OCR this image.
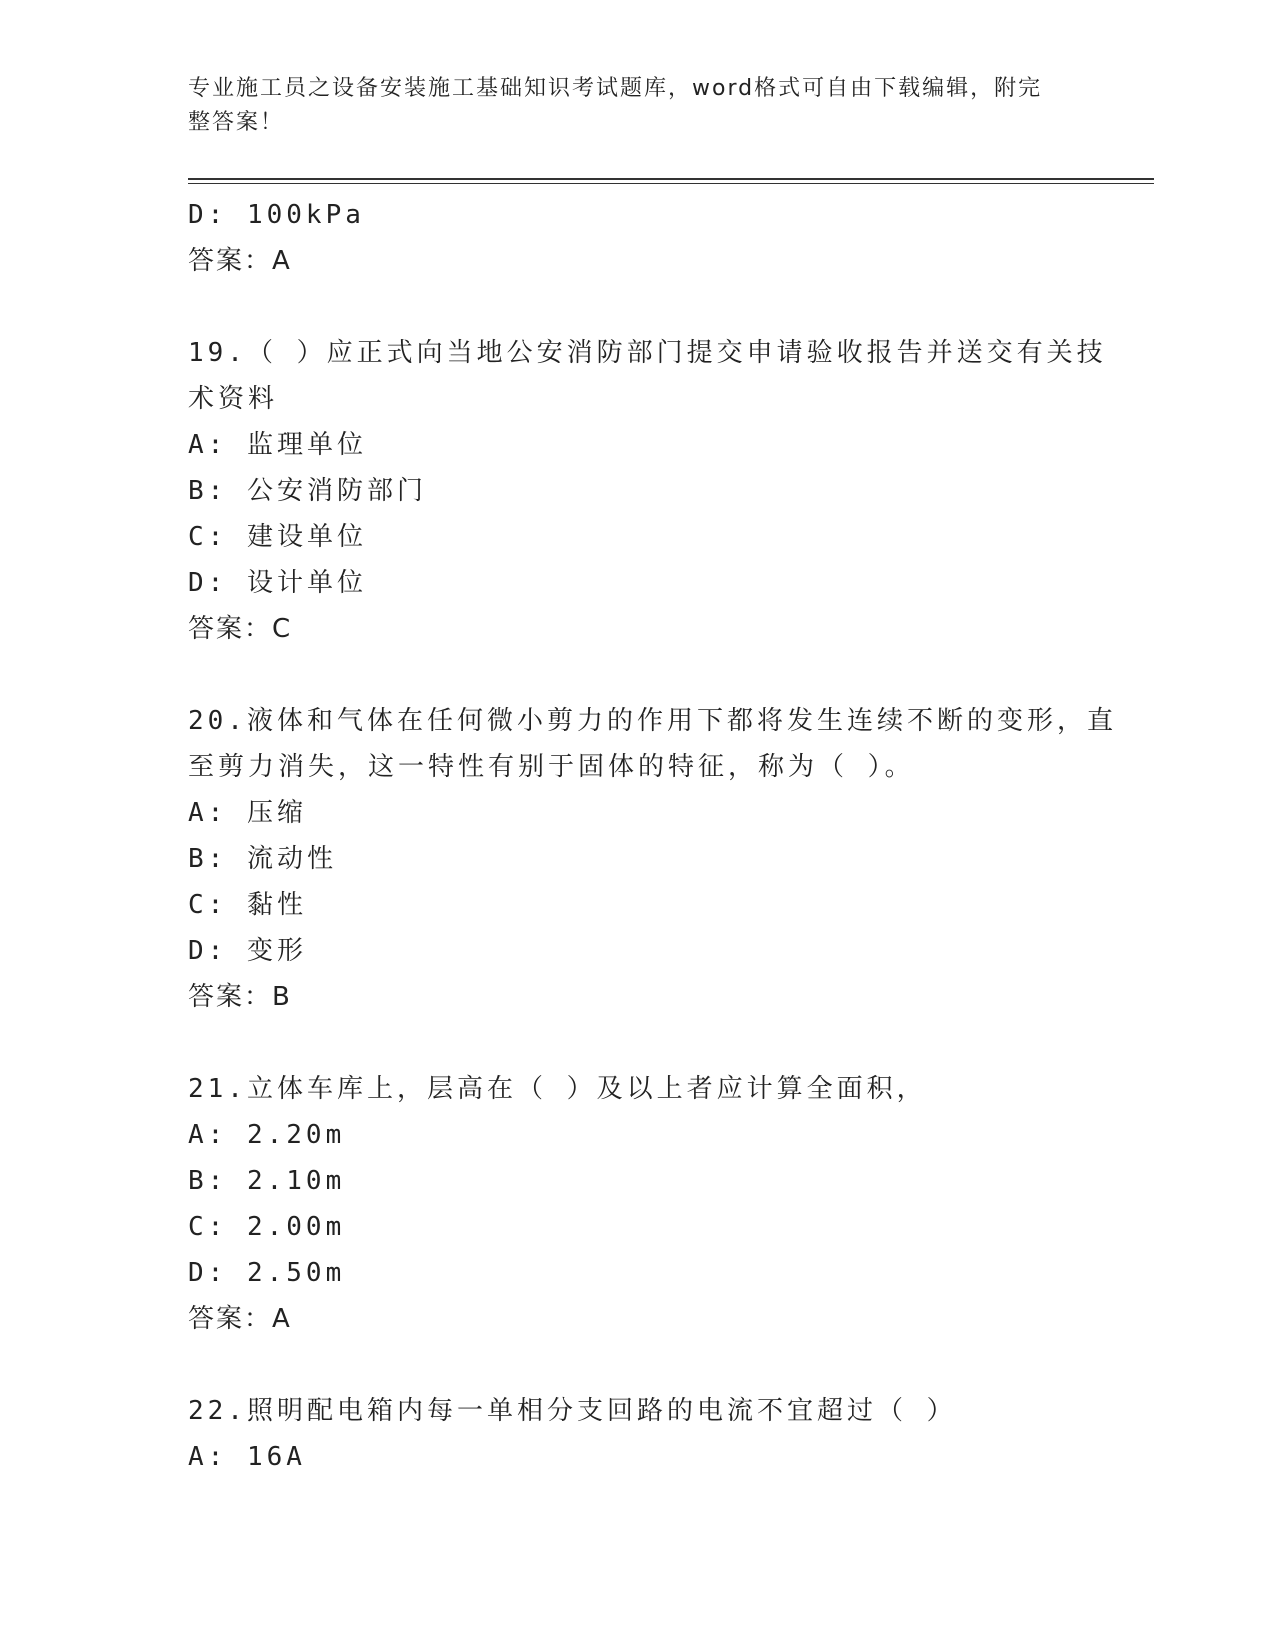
专业施工员之设备安装施工基础知识考试题库，word格式可自由下载编辑，附完
整答案！
D: 100kPa
答案：A
19.（ ）应正式向当地公安消防部门提交申请验收报告并送交有关技
术资料
A: 监理单位
B: 公安消防部门
C: 建设单位
D: 设计单位
答案：C
20.液体和气体在任何微小剪力的作用下都将发生连续不断的变形，直
至剪力消失，这一特性有别于固体的特征，称为（ ）。
A: 压缩
B: 流动性
C: 黏性
D: 变形
答案：B
21.立体车库上，层高在（ ）及以上者应计算全面积，
A: 2.20m
B: 2.10m
C: 2.00m
D: 2.50m
答案：A
22.照明配电箱内每一单相分支回路的电流不宜超过（ ）
A: 16A
